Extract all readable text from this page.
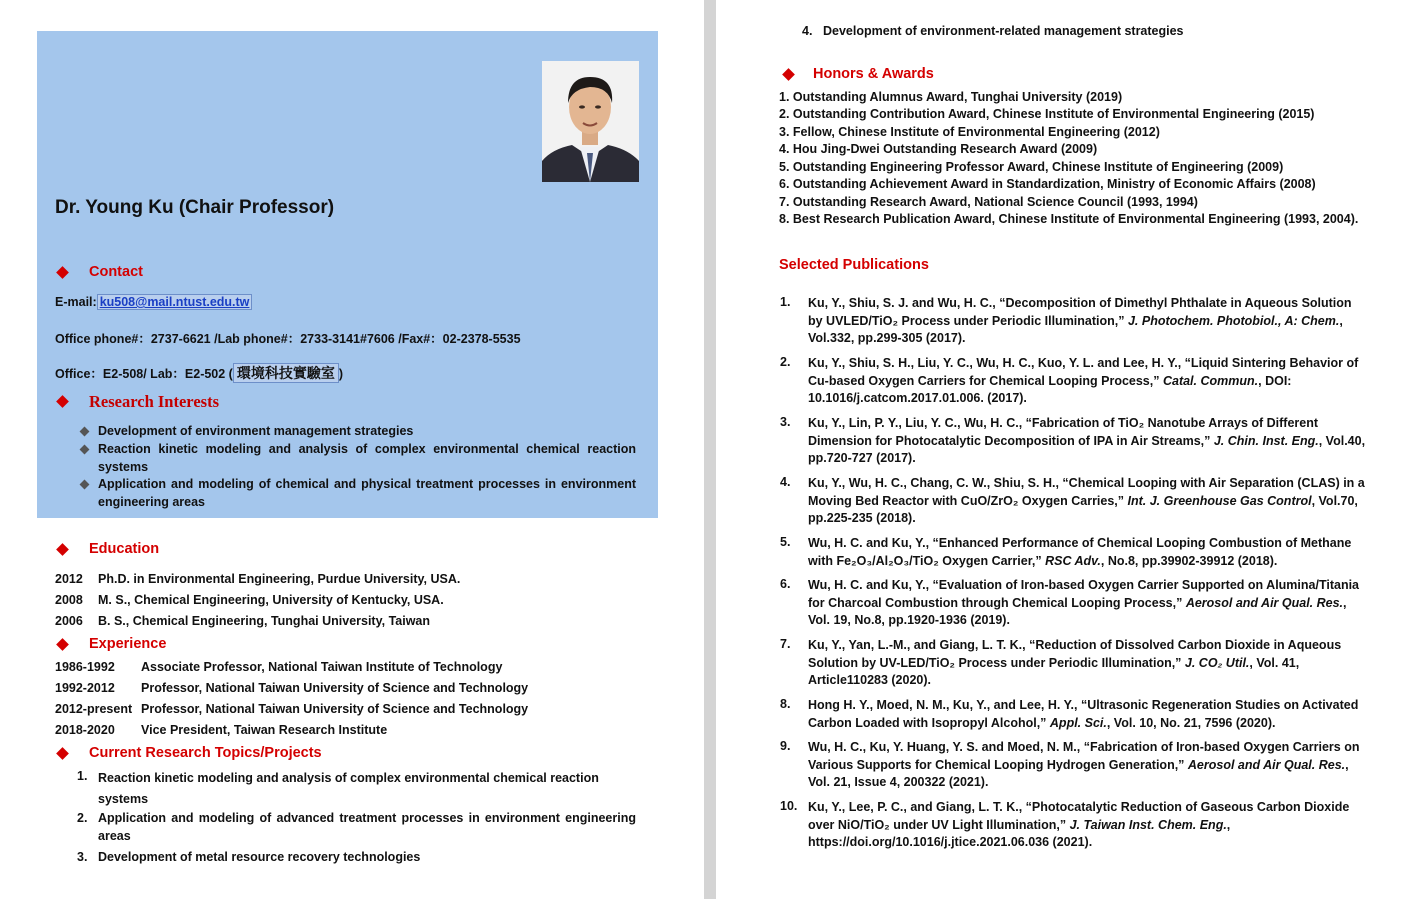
Dr. Young Ku (Chair Professor)
Contact
E-mail: ku508@mail.ntust.edu.tw
Office phone#：2737-6621 /Lab phone#：2733-3141#7606 /Fax#：02-2378-5535
Office：E2-508/ Lab：E2-502 ( 環境科技實驗室 )
Research Interests
Development of environment management strategies
Reaction kinetic modeling and analysis of complex environmental chemical reaction systems
Application and modeling of chemical and physical treatment processes in environment engineering areas
Education
2012 Ph.D. in Environmental Engineering, Purdue University, USA.
2008 M. S., Chemical Engineering, University of Kentucky, USA.
2006 B. S., Chemical Engineering, Tunghai University, Taiwan
Experience
1986-1992 Associate Professor, National Taiwan Institute of Technology
1992-2012 Professor, National Taiwan University of Science and Technology
2012-present Professor, National Taiwan University of Science and Technology
2018-2020 Vice President, Taiwan Research Institute
Current Research Topics/Projects
1. Reaction kinetic modeling and analysis of complex environmental chemical reaction systems
2. Application and modeling of advanced treatment processes in environment engineering areas
3. Development of metal resource recovery technologies
4. Development of environment-related management strategies
Honors & Awards
1. Outstanding Alumnus Award, Tunghai University (2019)
2. Outstanding Contribution Award, Chinese Institute of Environmental Engineering (2015)
3. Fellow, Chinese Institute of Environmental Engineering (2012)
4. Hou Jing-Dwei Outstanding Research Award (2009)
5. Outstanding Engineering Professor Award, Chinese Institute of Engineering (2009)
6. Outstanding Achievement Award in Standardization, Ministry of Economic Affairs (2008)
7. Outstanding Research Award, National Science Council (1993, 1994)
8. Best Research Publication Award, Chinese Institute of Environmental Engineering (1993, 2004).
Selected Publications
1. Ku, Y., Shiu, S. J. and Wu, H. C., “Decomposition of Dimethyl Phthalate in Aqueous Solution by UVLED/TiO₂ Process under Periodic Illumination,” J. Photochem. Photobiol., A: Chem., Vol.332, pp.299-305 (2017).
2. Ku, Y., Shiu, S. H., Liu, Y. C., Wu, H. C., Kuo, Y. L. and Lee, H. Y., “Liquid Sintering Behavior of Cu-based Oxygen Carriers for Chemical Looping Process,” Catal. Commun., DOI: 10.1016/j.catcom.2017.01.006. (2017).
3. Ku, Y., Lin, P. Y., Liu, Y. C., Wu, H. C., “Fabrication of TiO₂ Nanotube Arrays of Different Dimension for Photocatalytic Decomposition of IPA in Air Streams,” J. Chin. Inst. Eng., Vol.40, pp.720-727 (2017).
4. Ku, Y., Wu, H. C., Chang, C. W., Shiu, S. H., “Chemical Looping with Air Separation (CLAS) in a Moving Bed Reactor with CuO/ZrO₂ Oxygen Carries,” Int. J. Greenhouse Gas Control, Vol.70, pp.225-235 (2018).
5. Wu, H. C. and Ku, Y., “Enhanced Performance of Chemical Looping Combustion of Methane with Fe₂O₃/Al₂O₃/TiO₂ Oxygen Carrier,” RSC Adv., No.8, pp.39902-39912 (2018).
6. Wu, H. C. and Ku, Y., “Evaluation of Iron-based Oxygen Carrier Supported on Alumina/Titania for Charcoal Combustion through Chemical Looping Process,” Aerosol and Air Qual. Res., Vol. 19, No.8, pp.1920-1936 (2019).
7. Ku, Y., Yan, L.-M., and Giang, L. T. K., “Reduction of Dissolved Carbon Dioxide in Aqueous Solution by UV-LED/TiO₂ Process under Periodic Illumination,” J. CO₂ Util., Vol. 41, Article110283 (2020).
8. Hong H. Y., Moed, N. M., Ku, Y., and Lee, H. Y., “Ultrasonic Regeneration Studies on Activated Carbon Loaded with Isopropyl Alcohol,” Appl. Sci., Vol. 10, No. 21, 7596 (2020).
9. Wu, H. C., Ku, Y. Huang, Y. S. and Moed, N. M., “Fabrication of Iron-based Oxygen Carriers on Various Supports for Chemical Looping Hydrogen Generation,” Aerosol and Air Qual. Res., Vol. 21, Issue 4, 200322 (2021).
10. Ku, Y., Lee, P. C., and Giang, L. T. K., “Photocatalytic Reduction of Gaseous Carbon Dioxide over NiO/TiO₂ under UV Light Illumination,” J. Taiwan Inst. Chem. Eng., https://doi.org/10.1016/j.jtice.2021.06.036 (2021).
